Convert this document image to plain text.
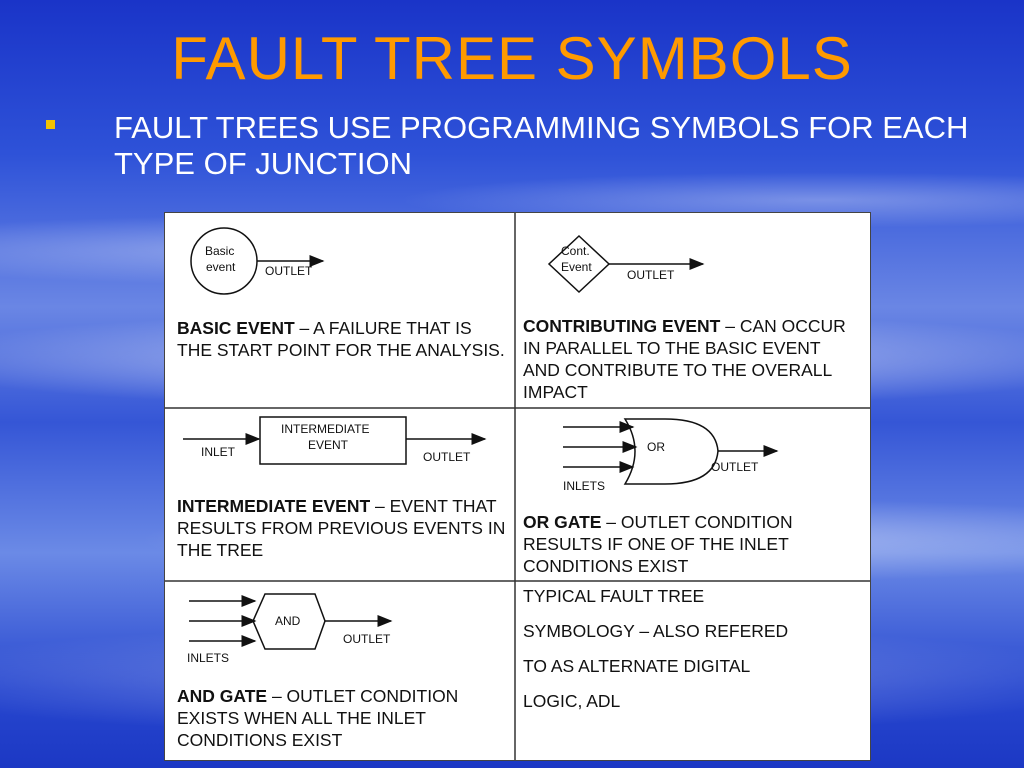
FAULT TREE SYMBOLS
FAULT TREES USE PROGRAMMING SYMBOLS FOR EACH TYPE OF JUNCTION
Basic
event OUTLET
Cont.
Event
OUTLET
INTERMEDIATE
EVENT
INLET	OUTLET
OR
INLETS
OUTLET
AND
INLETS
OUTLET
BASIC EVENT – A FAILURE THAT IS THE START POINT FOR THE ANALYSIS.
CONTRIBUTING EVENT – CAN OCCUR IN PARALLEL TO THE BASIC EVENT AND CONTRIBUTE TO THE OVERALL IMPACT
INTERMEDIATE EVENT – EVENT THAT RESULTS FROM PREVIOUS EVENTS IN THE TREE
OR GATE – OUTLET CONDITION RESULTS IF ONE OF THE INLET CONDITIONS EXIST
AND GATE – OUTLET CONDITION EXISTS WHEN ALL THE INLET CONDITIONS EXIST
TYPICAL FAULT TREE
SYMBOLOGY – ALSO REFERED
TO AS ALTERNATE DIGITAL
LOGIC, ADL
